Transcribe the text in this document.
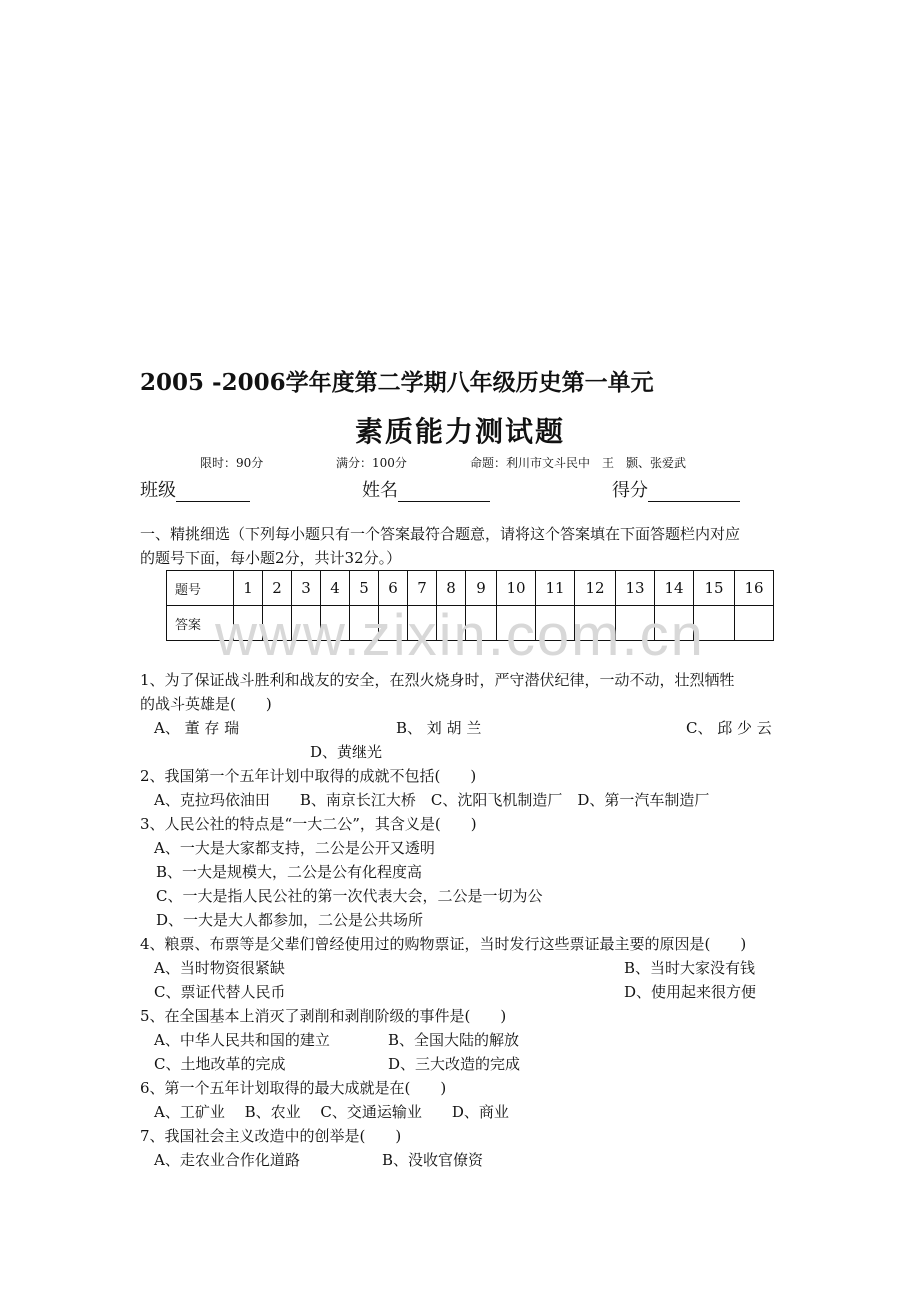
2005 -2006学年度第二学期八年级历史第一单元
素质能力测试题
限时：90分	满分：100分	命题：利川市文斗民中　王　颢、张爱武
班级	姓名	得分
一、精挑细选（下列每小题只有一个答案最符合题意，请将这个答案填在下面答题栏内对应
的题号下面，每小题2分，共计32分。）
题号	1	2	3	4	5	6	7	8	9	10	11	12	13	14	15	16
答案																www.zixin.com.cn
1、为了保证战斗胜利和战友的安全，在烈火烧身时，严守潜伏纪律，一动不动，壮烈牺牲
的战斗英雄是(　　)
A、 董 存 瑞	B、 刘 胡 兰	C、 邱 少 云
D、黄继光
2、我国第一个五年计划中取得的成就不包括(　　)
A、克拉玛依油田　　B、南京长江大桥　C、沈阳飞机制造厂　D、第一汽车制造厂
3、人民公社的特点是“一大二公”，其含义是(　　)
A、一大是大家都支持，二公是公开又透明
B、一大是规模大，二公是公有化程度高
C、一大是指人民公社的第一次代表大会，二公是一切为公
D、一大是大人都参加，二公是公共场所
4、粮票、布票等是父辈们曾经使用过的购物票证，当时发行这些票证最主要的原因是(　　)
A、当时物资很紧缺	B、当时大家没有钱
C、票证代替人民币	D、使用起来很方便
5、在全国基本上消灭了剥削和剥削阶级的事件是(　　)
A、中华人民共和国的建立	B、全国大陆的解放
C、土地改革的完成	D、三大改造的完成
6、第一个五年计划取得的最大成就是在(　　)
A、工矿业　 B、农业　 C、交通运输业　　D、商业
7、我国社会主义改造中的创举是(　　)
A、走农业合作化道路	B、没收官僚资
